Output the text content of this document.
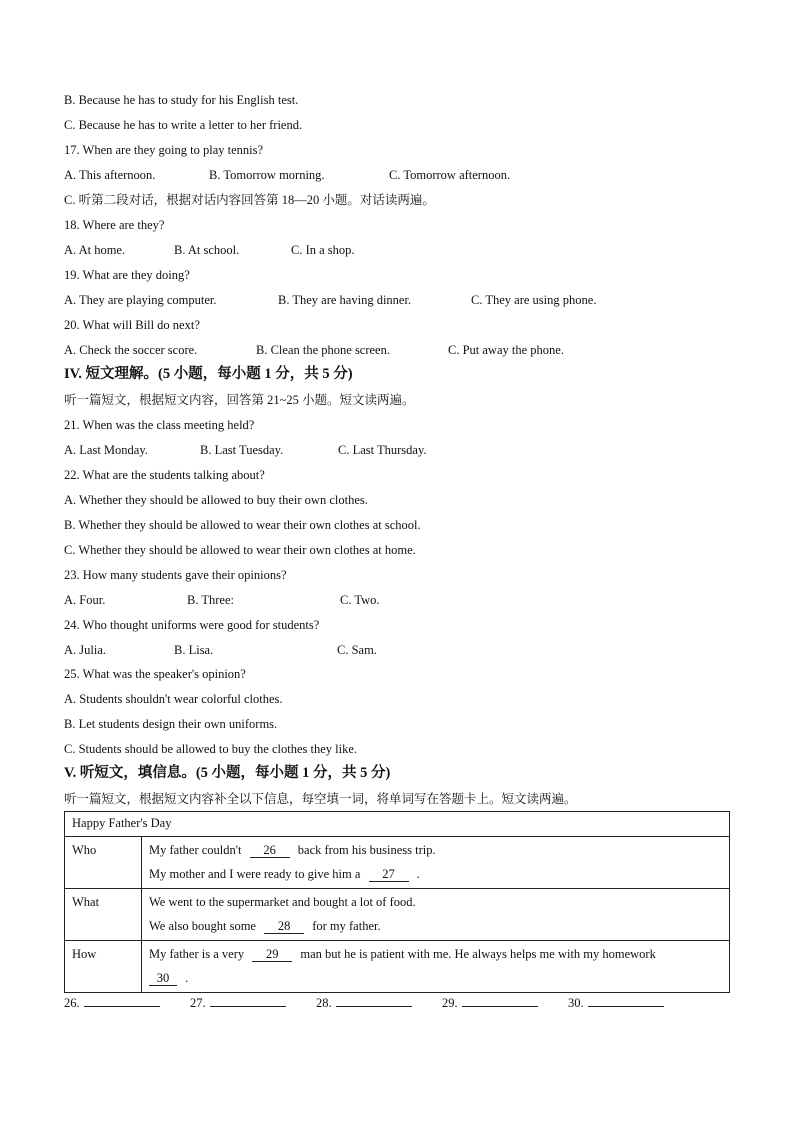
B. Because he has to study for his English test.
C. Because he has to write a letter to her friend.
17. When are they going to play tennis?
A. This afternoon.	B. Tomorrow morning.	C. Tomorrow afternoon.
C. 听第二段对话，根据对话内容回答第 18—20 小题。对话读两遍。
18. Where are they?
A. At home.	B. At school.	C. In a shop.
19. What are they doing?
A. They are playing computer.	B. They are having dinner.	C. They are using phone.
20. What will Bill do next?
A. Check the soccer score.	B. Clean the phone screen.	C. Put away the phone.
IV. 短文理解。(5 小题，每小题 1 分，共 5 分)
听一篇短文，根据短文内容，回答第 21~25 小题。短文读两遍。
21. When was the class meeting held?
A. Last Monday.	B. Last Tuesday.	C. Last Thursday.
22. What are the students talking about?
A. Whether they should be allowed to buy their own clothes.
B. Whether they should be allowed to wear their own clothes at school.
C. Whether they should be allowed to wear their own clothes at home.
23. How many students gave their opinions?
A. Four.	B. Three:	C. Two.
24. Who thought uniforms were good for students?
A. Julia.	B. Lisa.	C. Sam.
25. What was the speaker's opinion?
A. Students shouldn't wear colorful clothes.
B. Let students design their own uniforms.
C. Students should be allowed to buy the clothes they like.
V. 听短文，填信息。(5 小题，每小题 1 分，共 5 分)
听一篇短文，根据短文内容补全以下信息，每空填一词，将单词写在答题卡上。短文读两遍。
Happy Father's Day	

Who	My father couldn't 26 back from his business trip.
My mother and I were ready to give him a 27 .

What	We went to the supermarket and bought a lot of food.
We also bought some 28 for my father.

How	My father is a very 29 man but he is patient with me. He always helps me with my homework
30 .
26.	27.	28.	29.	30.
